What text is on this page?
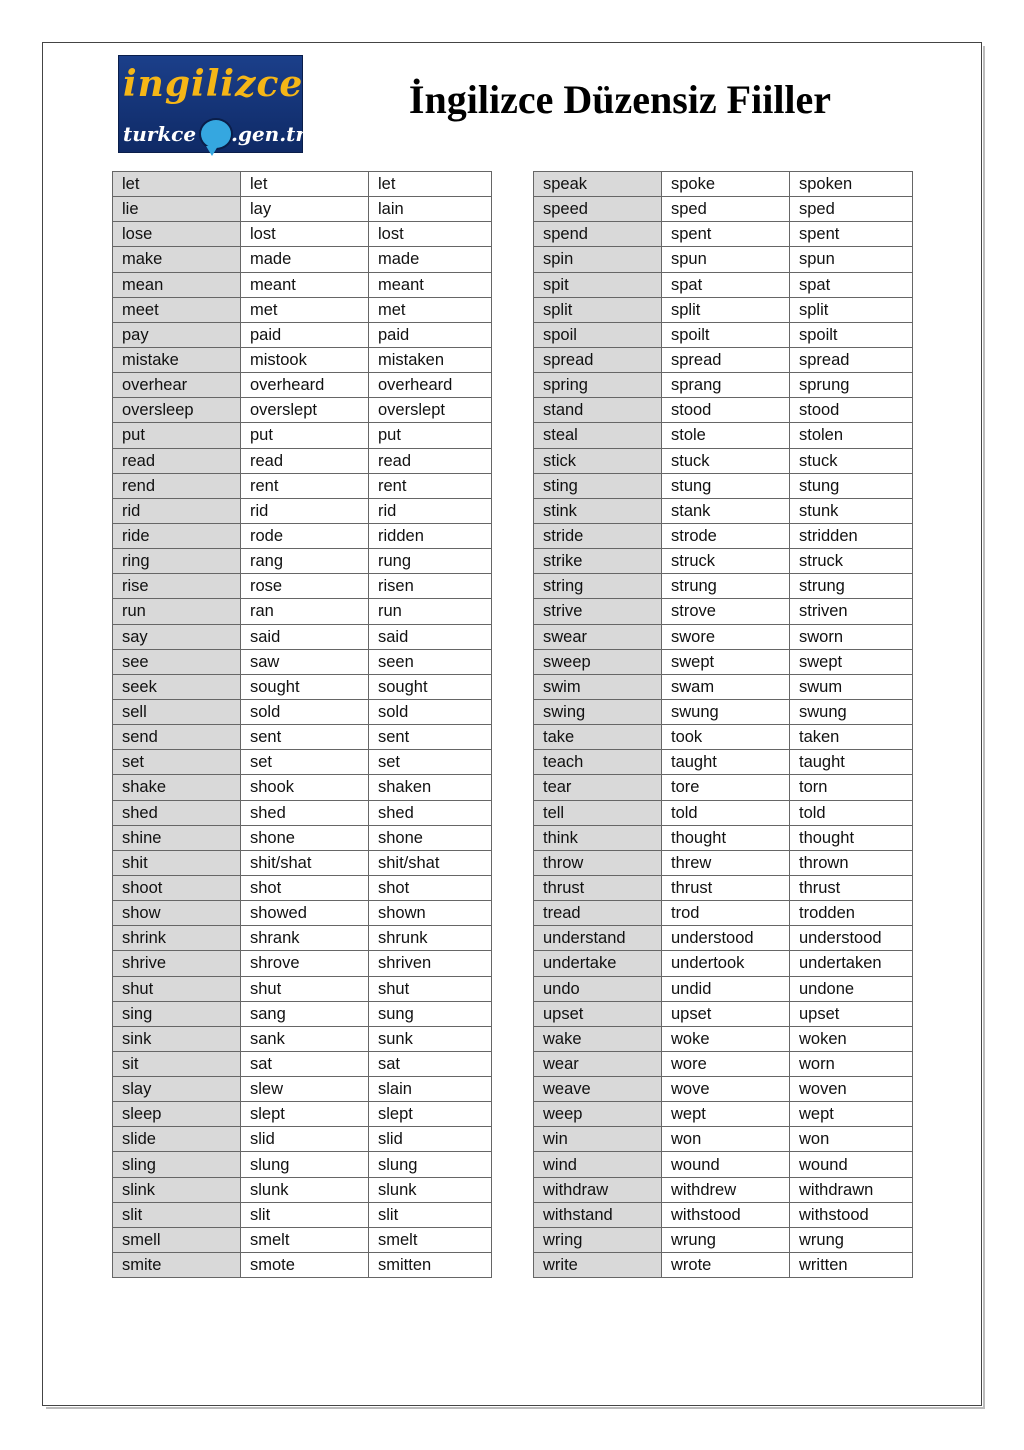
ingilizce
turkce .gen.tr
İngilizce Düzensiz Fiiller
let	let	let
lie	lay	lain
lose	lost	lost
make	made	made
mean	meant	meant
meet	met	met
pay	paid	paid
mistake	mistook	mistaken
overhear	overheard	overheard
oversleep	overslept	overslept
put	put	put
read	read	read
rend	rent	rent
rid	rid	rid
ride	rode	ridden
ring	rang	rung
rise	rose	risen
run	ran	run
say	said	said
see	saw	seen
seek	sought	sought
sell	sold	sold
send	sent	sent
set	set	set
shake	shook	shaken
shed	shed	shed
shine	shone	shone
shit	shit/shat	shit/shat
shoot	shot	shot
show	showed	shown
shrink	shrank	shrunk
shrive	shrove	shriven
shut	shut	shut
sing	sang	sung
sink	sank	sunk
sit	sat	sat
slay	slew	slain
sleep	slept	slept
slide	slid	slid
sling	slung	slung
slink	slunk	slunk
slit	slit	slit
smell	smelt	smelt
smite	smote	smitten
speak	spoke	spoken
speed	sped	sped
spend	spent	spent
spin	spun	spun
spit	spat	spat
split	split	split
spoil	spoilt	spoilt
spread	spread	spread
spring	sprang	sprung
stand	stood	stood
steal	stole	stolen
stick	stuck	stuck
sting	stung	stung
stink	stank	stunk
stride	strode	stridden
strike	struck	struck
string	strung	strung
strive	strove	striven
swear	swore	sworn
sweep	swept	swept
swim	swam	swum
swing	swung	swung
take	took	taken
teach	taught	taught
tear	tore	torn
tell	told	told
think	thought	thought
throw	threw	thrown
thrust	thrust	thrust
tread	trod	trodden
understand	understood	understood
undertake	undertook	undertaken
undo	undid	undone
upset	upset	upset
wake	woke	woken
wear	wore	worn
weave	wove	woven
weep	wept	wept
win	won	won
wind	wound	wound
withdraw	withdrew	withdrawn
withstand	withstood	withstood
wring	wrung	wrung
write	wrote	written
